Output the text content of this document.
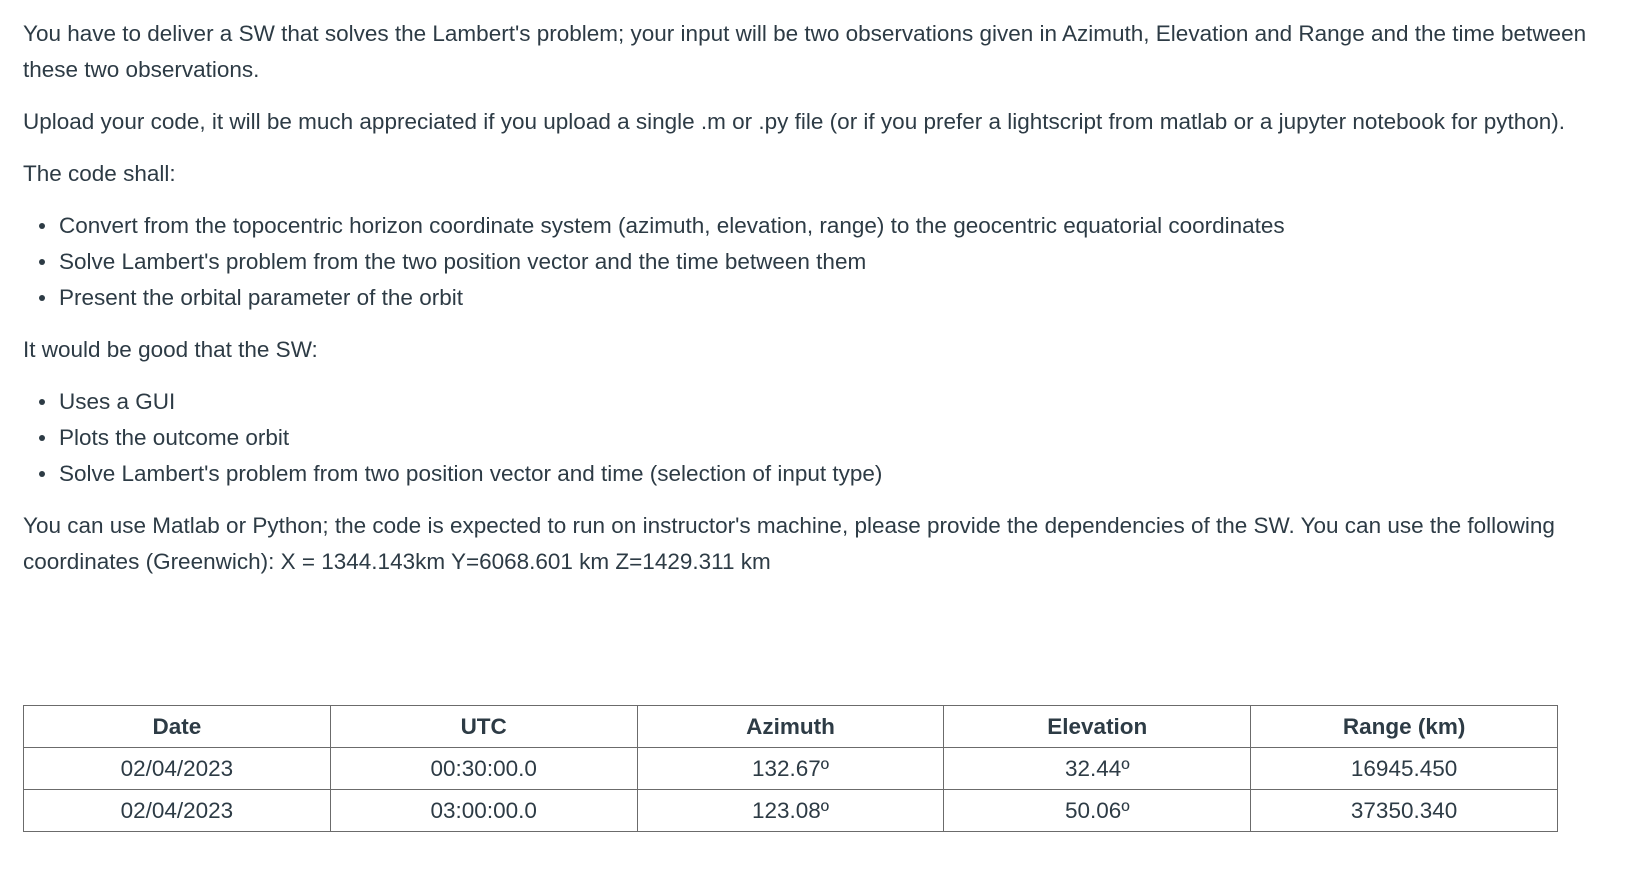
You have to deliver a SW that solves the Lambert's problem; your input will be two observations given in Azimuth, Elevation and Range and the time between these two observations.

Upload your code, it will be much appreciated if you upload a single .m or .py file (or if you prefer a lightscript from matlab or a jupyter notebook for python).

The code shall:

Convert from the topocentric horizon coordinate system (azimuth, elevation, range) to the geocentric equatorial coordinates
Solve Lambert's problem from the two position vector and the time between them
Present the orbital parameter of the orbit

It would be good that the SW:

Uses a GUI
Plots the outcome orbit
Solve Lambert's problem from two position vector and time (selection of input type)

You can use Matlab or Python; the code is expected to run on instructor's machine, please provide the dependencies of the SW. You can use the following coordinates (Greenwich): X = 1344.143km Y=6068.601 km Z=1429.311 km

Date	UTC	Azimuth	Elevation	Range (km)
02/04/2023	00:30:00.0	132.67º	32.44º	16945.450
02/04/2023	03:00:00.0	123.08º	50.06º	37350.340
